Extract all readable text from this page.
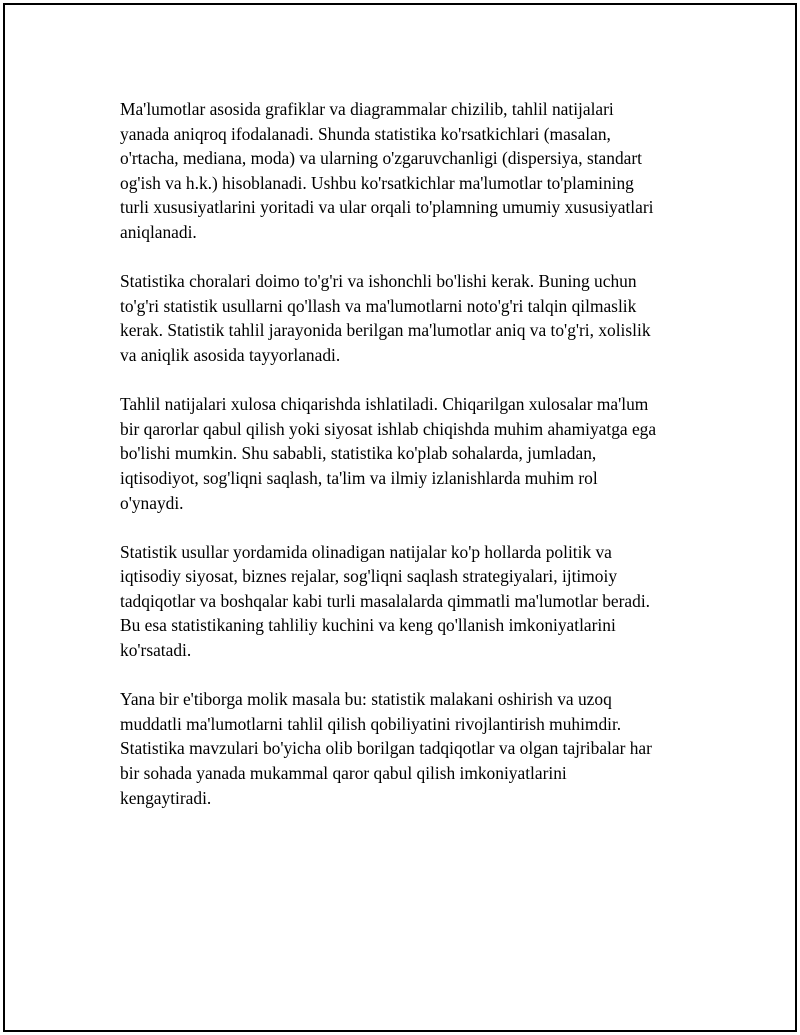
Ma'lumotlar asosida grafiklar va diagrammalar chizilib, tahlil natijalari
yanada aniqroq ifodalanadi. Shunda statistika ko'rsatkichlari (masalan,
o'rtacha, mediana, moda) va ularning o'zgaruvchanligi (dispersiya, standart
og'ish va h.k.) hisoblanadi. Ushbu ko'rsatkichlar ma'lumotlar to'plamining
turli xususiyatlarini yoritadi va ular orqali to'plamning umumiy xususiyatlari
aniqlanadi.

Statistika choralari doimo to'g'ri va ishonchli bo'lishi kerak. Buning uchun
to'g'ri statistik usullarni qo'llash va ma'lumotlarni noto'g'ri talqin qilmaslik
kerak. Statistik tahlil jarayonida berilgan ma'lumotlar aniq va to'g'ri, xolislik
va aniqlik asosida tayyorlanadi.

Tahlil natijalari xulosa chiqarishda ishlatiladi. Chiqarilgan xulosalar ma'lum
bir qarorlar qabul qilish yoki siyosat ishlab chiqishda muhim ahamiyatga ega
bo'lishi mumkin. Shu sababli, statistika ko'plab sohalarda, jumladan,
iqtisodiyot, sog'liqni saqlash, ta'lim va ilmiy izlanishlarda muhim rol
o'ynaydi.

Statistik usullar yordamida olinadigan natijalar ko'p hollarda politik va
iqtisodiy siyosat, biznes rejalar, sog'liqni saqlash strategiyalari, ijtimoiy
tadqiqotlar va boshqalar kabi turli masalalarda qimmatli ma'lumotlar beradi.
Bu esa statistikaning tahliliy kuchini va keng qo'llanish imkoniyatlarini
ko'rsatadi.

Yana bir e'tiborga molik masala bu: statistik malakani oshirish va uzoq
muddatli ma'lumotlarni tahlil qilish qobiliyatini rivojlantirish muhimdir.
Statistika mavzulari bo'yicha olib borilgan tadqiqotlar va olgan tajribalar har
bir sohada yanada mukammal qaror qabul qilish imkoniyatlarini
kengaytiradi.
